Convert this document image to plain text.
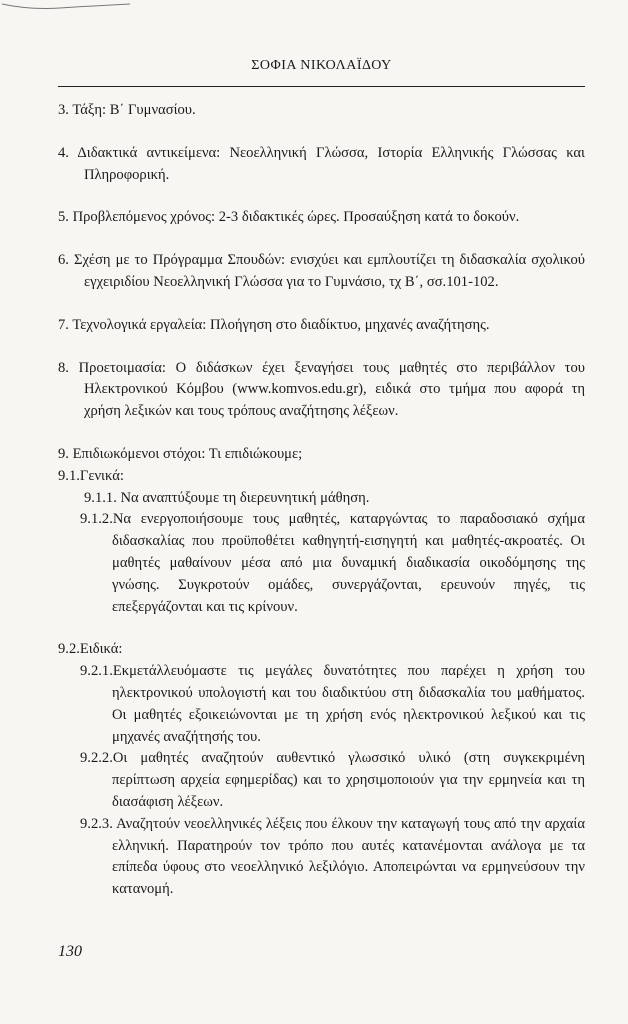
ΣΟΦΙΑ ΝΙΚΟΛΑΪΔΟΥ

3. Τάξη: Β΄ Γυμνασίου.

4. Διδακτικά αντικείμενα: Νεοελληνική Γλώσσα, Ιστορία Ελληνικής Γλώσσας και Πληροφορική.

5. Προβλεπόμενος χρόνος: 2-3 διδακτικές ώρες. Προσαύξηση κατά το δοκούν.

6. Σχέση με το Πρόγραμμα Σπουδών: ενισχύει και εμπλουτίζει τη διδασκαλία σχολικού εγχειριδίου Νεοελληνική Γλώσσα για το Γυμνάσιο, τχ Β΄, σσ.101-102.

7. Τεχνολογικά εργαλεία: Πλοήγηση στο διαδίκτυο, μηχανές αναζήτησης.

8. Προετοιμασία: Ο διδάσκων έχει ξεναγήσει τους μαθητές στο περιβάλλον του Ηλεκτρονικού Κόμβου (www.komvos.edu.gr), ειδικά στο τμήμα που αφορά τη χρήση λεξικών και τους τρόπους αναζήτησης λέξεων.

9. Επιδιωκόμενοι στόχοι: Τι επιδιώκουμε;

9.1.Γενικά:

9.1.1. Να αναπτύξουμε τη διερευνητική μάθηση.

9.1.2.Να ενεργοποιήσουμε τους μαθητές, καταργώντας το παραδοσιακό σχήμα διδασκαλίας που προϋποθέτει καθηγητή-εισηγητή και μαθητές-ακροατές. Οι μαθητές μαθαίνουν μέσα από μια δυναμική διαδικασία οικοδόμησης της γνώσης. Συγκροτούν ομάδες, συνεργάζονται, ερευνούν πηγές, τις επεξεργάζονται και τις κρίνουν.

9.2.Ειδικά:

9.2.1.Εκμετάλλευόμαστε τις μεγάλες δυνατότητες που παρέχει η χρήση του ηλεκτρονικού υπολογιστή και του διαδικτύου στη διδασκαλία του μαθήματος. Οι μαθητές εξοικειώνονται με τη χρήση ενός ηλεκτρονικού λεξικού και τις μηχανές αναζήτησής του.

9.2.2.Οι μαθητές αναζητούν αυθεντικό γλωσσικό υλικό (στη συγκεκριμένη περίπτωση αρχεία εφημερίδας) και το χρησιμοποιούν για την ερμηνεία και τη διασάφιση λέξεων.

9.2.3. Αναζητούν νεοελληνικές λέξεις που έλκουν την καταγωγή τους από την αρχαία ελληνική. Παρατηρούν τον τρόπο που αυτές κατανέμονται ανάλογα με τα επίπεδα ύφους στο νεοελληνικό λεξιλόγιο. Αποπειρώνται να ερμηνεύσουν την κατανομή.

130
